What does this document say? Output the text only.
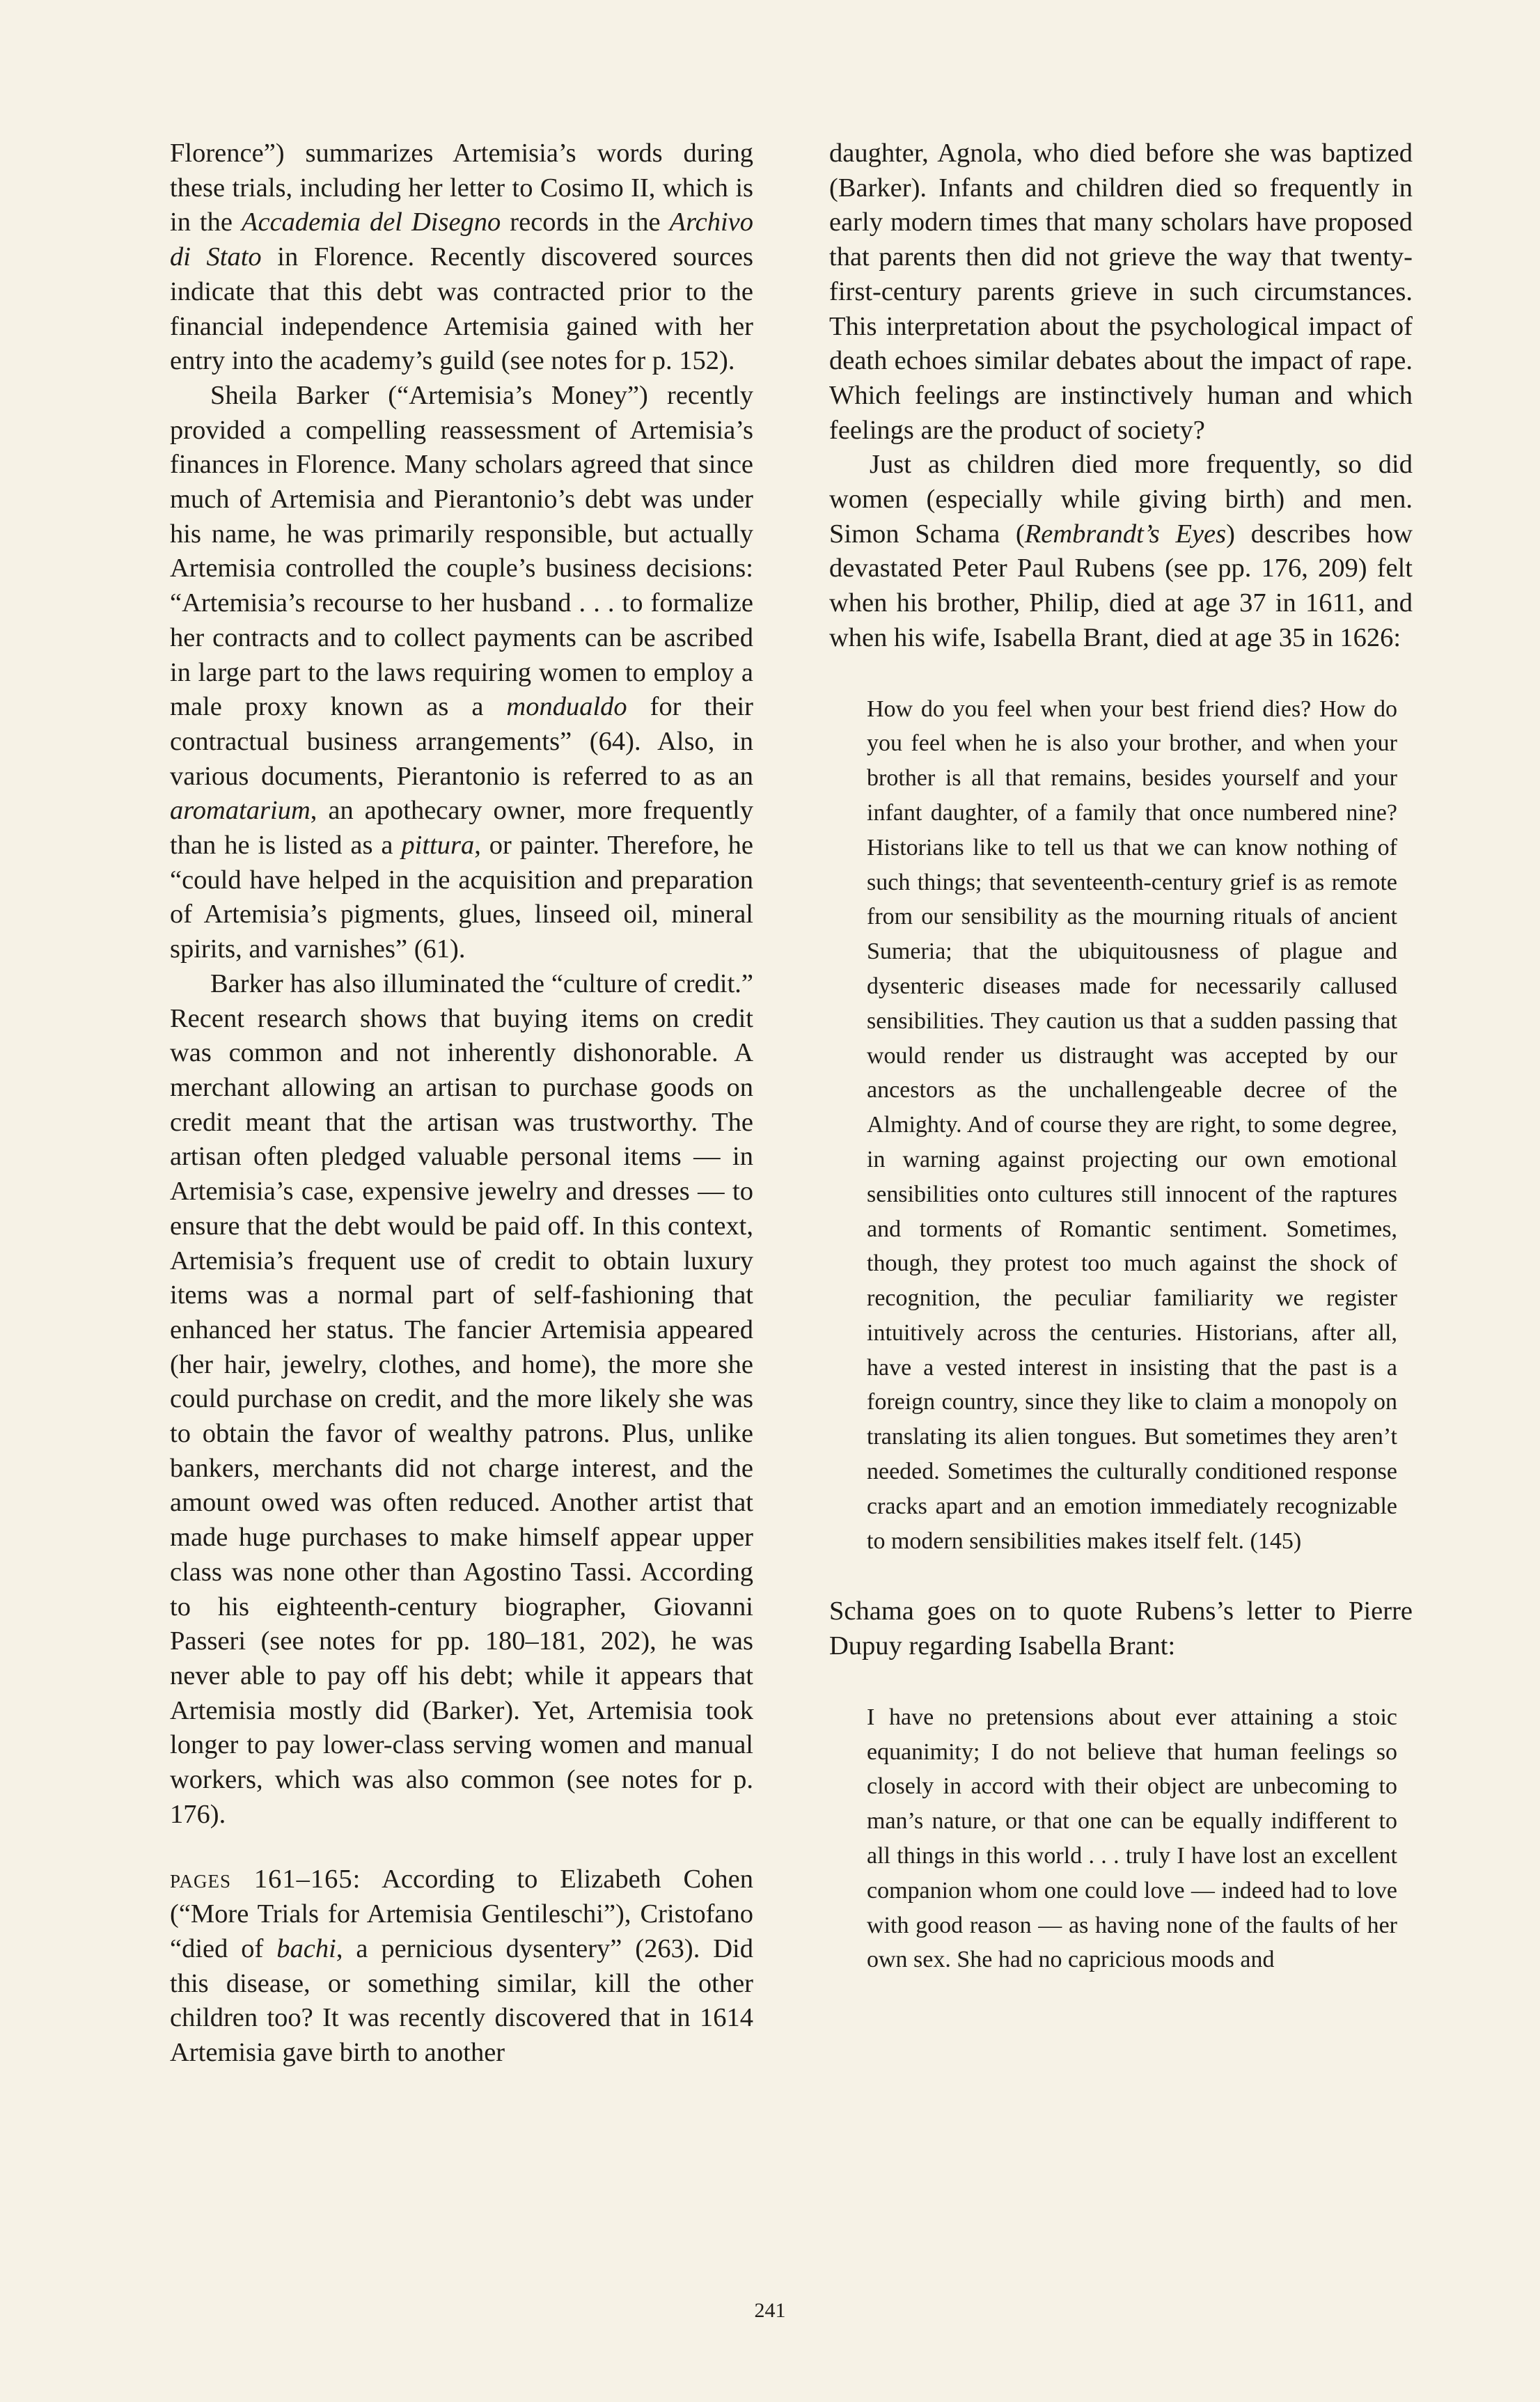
Florence”) summarizes Artemisia’s words during these trials, including her letter to Cosimo II, which is in the Accademia del Disegno records in the Archivo di Stato in Florence. Recently discovered sources indicate that this debt was contracted prior to the financial independence Artemisia gained with her entry into the academy’s guild (see notes for p. 152).

Sheila Barker (“Artemisia’s Money”) recently provided a compelling reassessment of Artemisia’s finances in Florence. Many scholars agreed that since much of Artemisia and Pierantonio’s debt was under his name, he was primarily responsible, but actually Artemisia controlled the couple’s business decisions: “Artemisia’s recourse to her husband . . . to formalize her contracts and to collect payments can be ascribed in large part to the laws requiring women to employ a male proxy known as a mondualdo for their contractual business arrangements” (64). Also, in various documents, Pierantonio is referred to as an aromatarium, an apothecary owner, more frequently than he is listed as a pittura, or painter. Therefore, he “could have helped in the acquisition and preparation of Artemisia’s pigments, glues, linseed oil, mineral spirits, and varnishes” (61).

Barker has also illuminated the “culture of credit.” Recent research shows that buying items on credit was common and not inherently dishonorable. A merchant allowing an artisan to purchase goods on credit meant that the artisan was trustworthy. The artisan often pledged valuable personal items — in Artemisia’s case, expensive jewelry and dresses — to ensure that the debt would be paid off. In this context, Artemisia’s frequent use of credit to obtain luxury items was a normal part of self-fashioning that enhanced her status. The fancier Artemisia appeared (her hair, jewelry, clothes, and home), the more she could purchase on credit, and the more likely she was to obtain the favor of wealthy patrons. Plus, unlike bankers, merchants did not charge interest, and the amount owed was often reduced. Another artist that made huge purchases to make himself appear upper class was none other than Agostino Tassi. According to his eighteenth-century biographer, Giovanni Passeri (see notes for pp. 180–181, 202), he was never able to pay off his debt; while it appears that Artemisia mostly did (Barker). Yet, Artemisia took longer to pay lower-class serving women and manual workers, which was also common (see notes for p. 176).

pages 161–165: According to Elizabeth Cohen (“More Trials for Artemisia Gentileschi”), Cristofano “died of bachi, a pernicious dysentery” (263). Did this disease, or something similar, kill the other children too? It was recently discovered that in 1614 Artemisia gave birth to another

daughter, Agnola, who died before she was baptized (Barker). Infants and children died so frequently in early modern times that many scholars have proposed that parents then did not grieve the way that twenty-first-century parents grieve in such circumstances. This interpretation about the psychological impact of death echoes similar debates about the impact of rape. Which feelings are instinctively human and which feelings are the product of society?

Just as children died more frequently, so did women (especially while giving birth) and men. Simon Schama (Rembrandt’s Eyes) describes how devastated Peter Paul Rubens (see pp. 176, 209) felt when his brother, Philip, died at age 37 in 1611, and when his wife, Isabella Brant, died at age 35 in 1626:

How do you feel when your best friend dies? How do you feel when he is also your brother, and when your brother is all that remains, besides yourself and your infant daughter, of a family that once numbered nine? Historians like to tell us that we can know nothing of such things; that seventeenth-century grief is as remote from our sensibility as the mourning rituals of ancient Sumeria; that the ubiquitousness of plague and dysenteric diseases made for necessarily callused sensibilities. They caution us that a sudden passing that would render us distraught was accepted by our ancestors as the unchallengeable decree of the Almighty. And of course they are right, to some degree, in warning against projecting our own emotional sensibilities onto cultures still innocent of the raptures and torments of Romantic sentiment. Sometimes, though, they protest too much against the shock of recognition, the peculiar familiarity we register intuitively across the centuries. Historians, after all, have a vested interest in insisting that the past is a foreign country, since they like to claim a monopoly on translating its alien tongues. But sometimes they aren’t needed. Sometimes the culturally conditioned response cracks apart and an emotion immediately recognizable to modern sensibilities makes itself felt. (145)

Schama goes on to quote Rubens’s letter to Pierre Dupuy regarding Isabella Brant:

I have no pretensions about ever attaining a stoic equanimity; I do not believe that human feelings so closely in accord with their object are unbecoming to man’s nature, or that one can be equally indifferent to all things in this world . . . truly I have lost an excellent companion whom one could love — indeed had to love with good reason — as having none of the faults of her own sex. She had no capricious moods and

241
